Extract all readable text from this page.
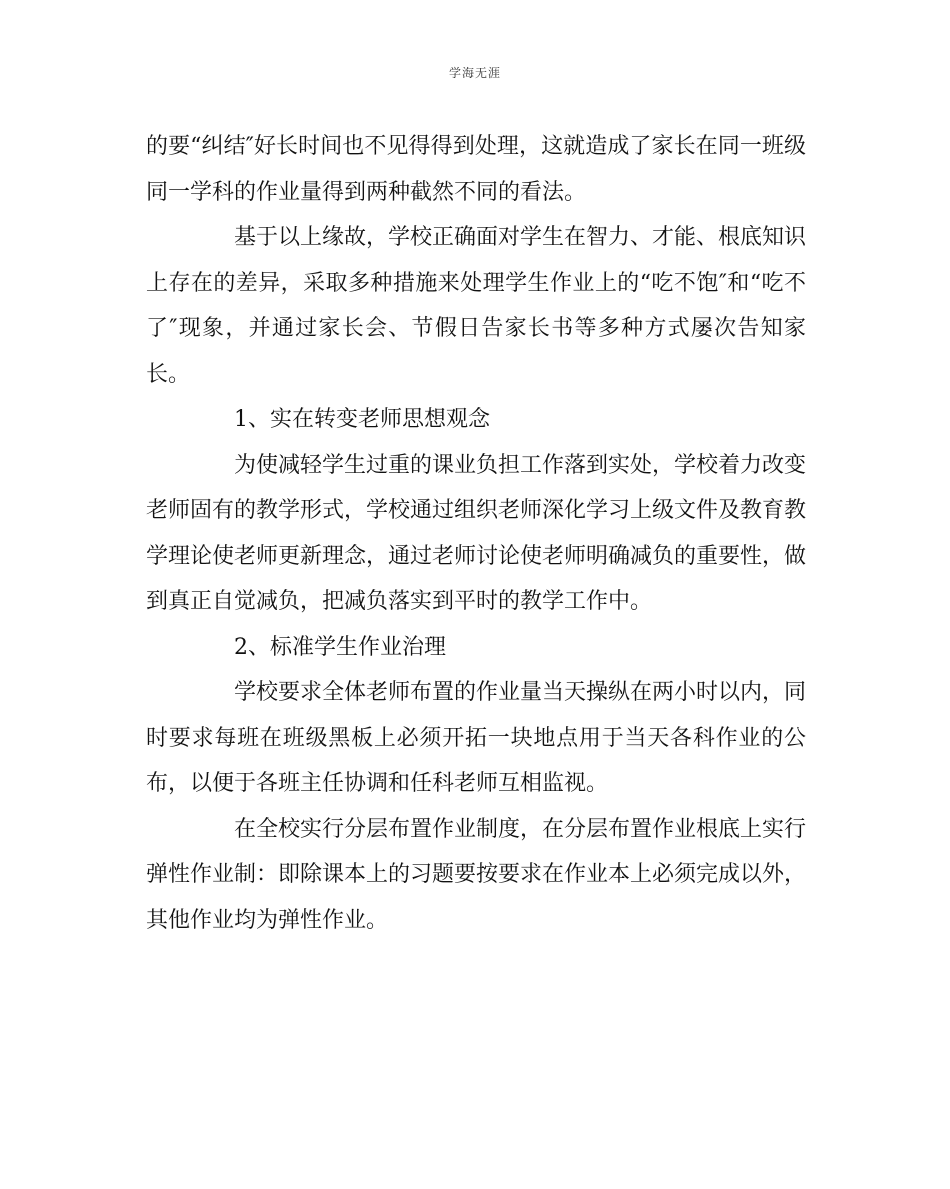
学海无涯

的要“纠结″好长时间也不见得得到处理，这就造成了家长在同一班级同一学科的作业量得到两种截然不同的看法。

基于以上缘故，学校正确面对学生在智力、才能、根底知识上存在的差异，采取多种措施来处理学生作业上的“吃不饱″和“吃不了″现象，并通过家长会、节假日告家长书等多种方式屡次告知家长。

1、实在转变老师思想观念

为使减轻学生过重的课业负担工作落到实处，学校着力改变老师固有的教学形式，学校通过组织老师深化学习上级文件及教育教学理论使老师更新理念，通过老师讨论使老师明确减负的重要性，做到真正自觉减负，把减负落实到平时的教学工作中。

2、标准学生作业治理

学校要求全体老师布置的作业量当天操纵在两小时以内，同时要求每班在班级黑板上必须开拓一块地点用于当天各科作业的公布，以便于各班主任协调和任科老师互相监视。

在全校实行分层布置作业制度，在分层布置作业根底上实行弹性作业制：即除课本上的习题要按要求在作业本上必须完成以外，其他作业均为弹性作业。
